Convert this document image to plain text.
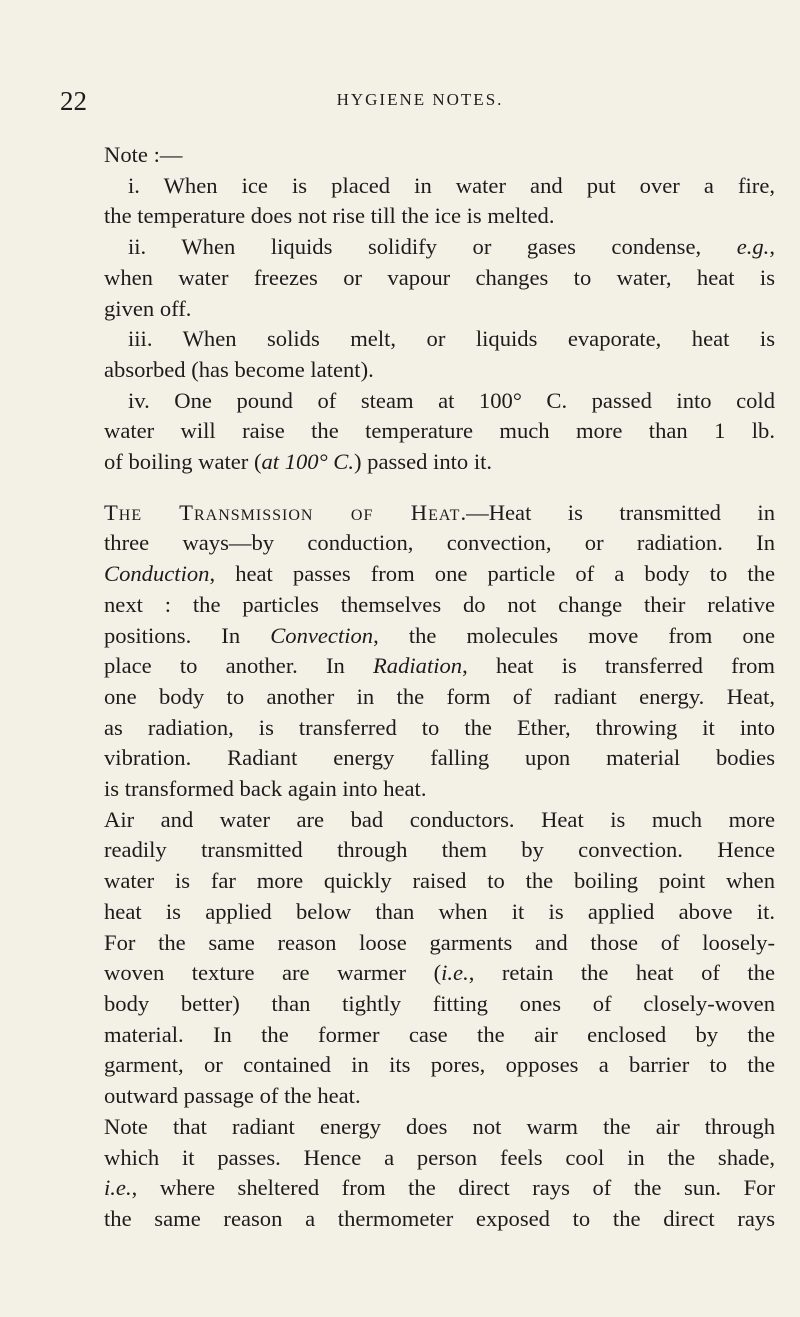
22	HYGIENE NOTES.
Note :—
i. When ice is placed in water and put over a fire,
the temperature does not rise till the ice is melted.
ii. When liquids solidify or gases condense, e.g.,
when water freezes or vapour changes to water, heat is
given off.
iii. When solids melt, or liquids evaporate, heat is
absorbed (has become latent).
iv. One pound of steam at 100° C. passed into cold
water will raise the temperature much more than 1 lb.
of boiling water (at 100° C.) passed into it.
The Transmission of Heat.—Heat is transmitted in
three ways—by conduction, convection, or radiation. In
Conduction, heat passes from one particle of a body to the
next : the particles themselves do not change their relative
positions. In Convection, the molecules move from one
place to another. In Radiation, heat is transferred from
one body to another in the form of radiant energy. Heat,
as radiation, is transferred to the Ether, throwing it into
vibration. Radiant energy falling upon material bodies
is transformed back again into heat.
Air and water are bad conductors. Heat is much more
readily transmitted through them by convection. Hence
water is far more quickly raised to the boiling point when
heat is applied below than when it is applied above it.
For the same reason loose garments and those of loosely-
woven texture are warmer (i.e., retain the heat of the
body better) than tightly fitting ones of closely-woven
material. In the former case the air enclosed by the
garment, or contained in its pores, opposes a barrier to the
outward passage of the heat.
Note that radiant energy does not warm the air through
which it passes. Hence a person feels cool in the shade,
i.e., where sheltered from the direct rays of the sun. For
the same reason a thermometer exposed to the direct rays
